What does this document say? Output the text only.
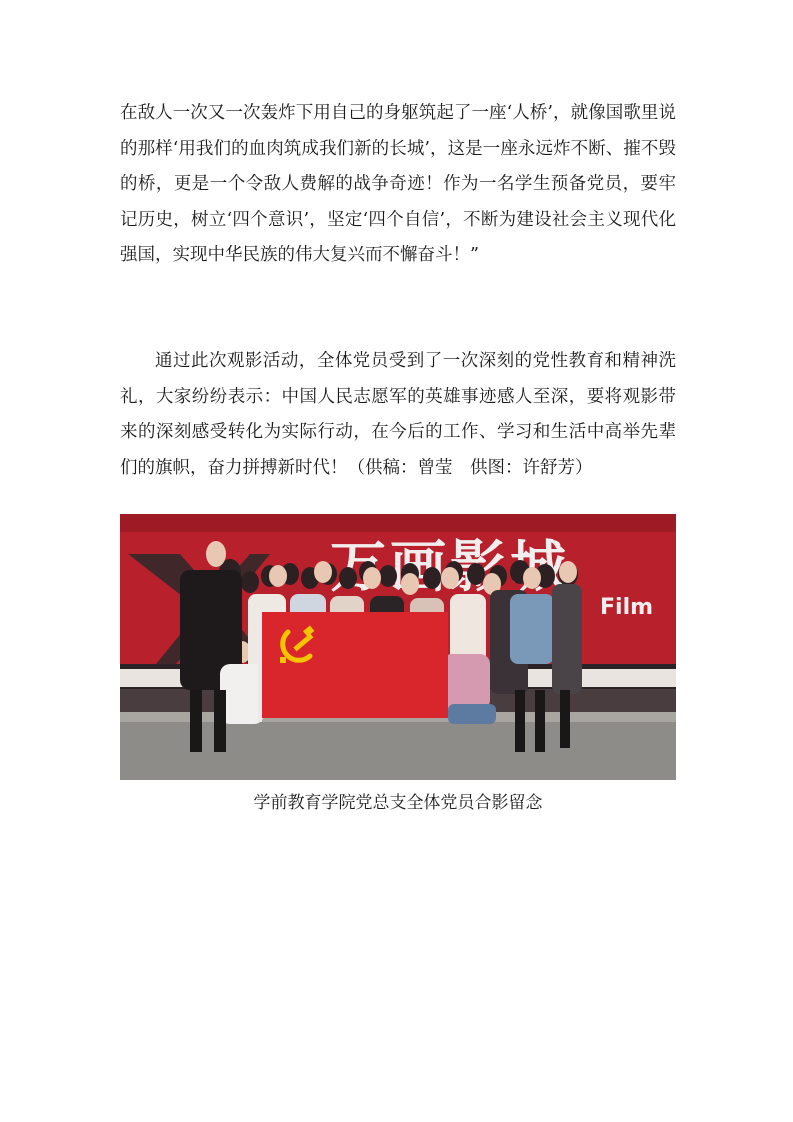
在敌人一次又一次轰炸下用自己的身躯筑起了一座‘人桥’，就像国歌里说的那样‘用我们的血肉筑成我们新的长城’，这是一座永远炸不断、摧不毁的桥，更是一个令敌人费解的战争奇迹！作为一名学生预备党员，要牢记历史，树立‘四个意识’，坚定‘四个自信’，不断为建设社会主义现代化强国，实现中华民族的伟大复兴而不懈奋斗！”

通过此次观影活动，全体党员受到了一次深刻的党性教育和精神洗礼，大家纷纷表示：中国人民志愿军的英雄事迹感人至深，要将观影带来的深刻感受转化为实际行动，在今后的工作、学习和生活中高举先辈们的旗帜，奋力拼搏新时代！（供稿：曾莹　供图：许舒芳）

Film

学前教育学院党总支全体党员合影留念
